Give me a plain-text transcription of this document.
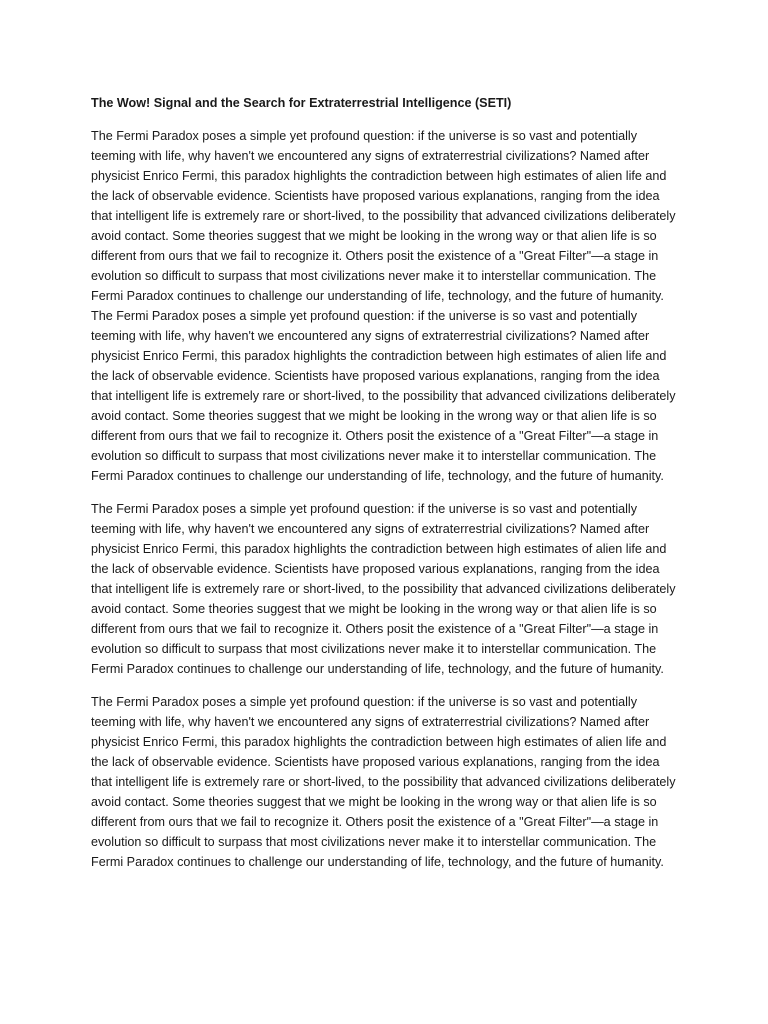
The Wow! Signal and the Search for Extraterrestrial Intelligence (SETI)

The Fermi Paradox poses a simple yet profound question: if the universe is so vast and potentially teeming with life, why haven't we encountered any signs of extraterrestrial civilizations? Named after physicist Enrico Fermi, this paradox highlights the contradiction between high estimates of alien life and the lack of observable evidence. Scientists have proposed various explanations, ranging from the idea that intelligent life is extremely rare or short-lived, to the possibility that advanced civilizations deliberately avoid contact. Some theories suggest that we might be looking in the wrong way or that alien life is so different from ours that we fail to recognize it. Others posit the existence of a "Great Filter"—a stage in evolution so difficult to surpass that most civilizations never make it to interstellar communication. The Fermi Paradox continues to challenge our understanding of life, technology, and the future of humanity. The Fermi Paradox poses a simple yet profound question: if the universe is so vast and potentially teeming with life, why haven't we encountered any signs of extraterrestrial civilizations? Named after physicist Enrico Fermi, this paradox highlights the contradiction between high estimates of alien life and the lack of observable evidence. Scientists have proposed various explanations, ranging from the idea that intelligent life is extremely rare or short-lived, to the possibility that advanced civilizations deliberately avoid contact. Some theories suggest that we might be looking in the wrong way or that alien life is so different from ours that we fail to recognize it. Others posit the existence of a "Great Filter"—a stage in evolution so difficult to surpass that most civilizations never make it to interstellar communication. The Fermi Paradox continues to challenge our understanding of life, technology, and the future of humanity.

The Fermi Paradox poses a simple yet profound question: if the universe is so vast and potentially teeming with life, why haven't we encountered any signs of extraterrestrial civilizations? Named after physicist Enrico Fermi, this paradox highlights the contradiction between high estimates of alien life and the lack of observable evidence. Scientists have proposed various explanations, ranging from the idea that intelligent life is extremely rare or short-lived, to the possibility that advanced civilizations deliberately avoid contact. Some theories suggest that we might be looking in the wrong way or that alien life is so different from ours that we fail to recognize it. Others posit the existence of a "Great Filter"—a stage in evolution so difficult to surpass that most civilizations never make it to interstellar communication. The Fermi Paradox continues to challenge our understanding of life, technology, and the future of humanity.

The Fermi Paradox poses a simple yet profound question: if the universe is so vast and potentially teeming with life, why haven't we encountered any signs of extraterrestrial civilizations? Named after physicist Enrico Fermi, this paradox highlights the contradiction between high estimates of alien life and the lack of observable evidence. Scientists have proposed various explanations, ranging from the idea that intelligent life is extremely rare or short-lived, to the possibility that advanced civilizations deliberately avoid contact. Some theories suggest that we might be looking in the wrong way or that alien life is so different from ours that we fail to recognize it. Others posit the existence of a "Great Filter"—a stage in evolution so difficult to surpass that most civilizations never make it to interstellar communication. The Fermi Paradox continues to challenge our understanding of life, technology, and the future of humanity.
